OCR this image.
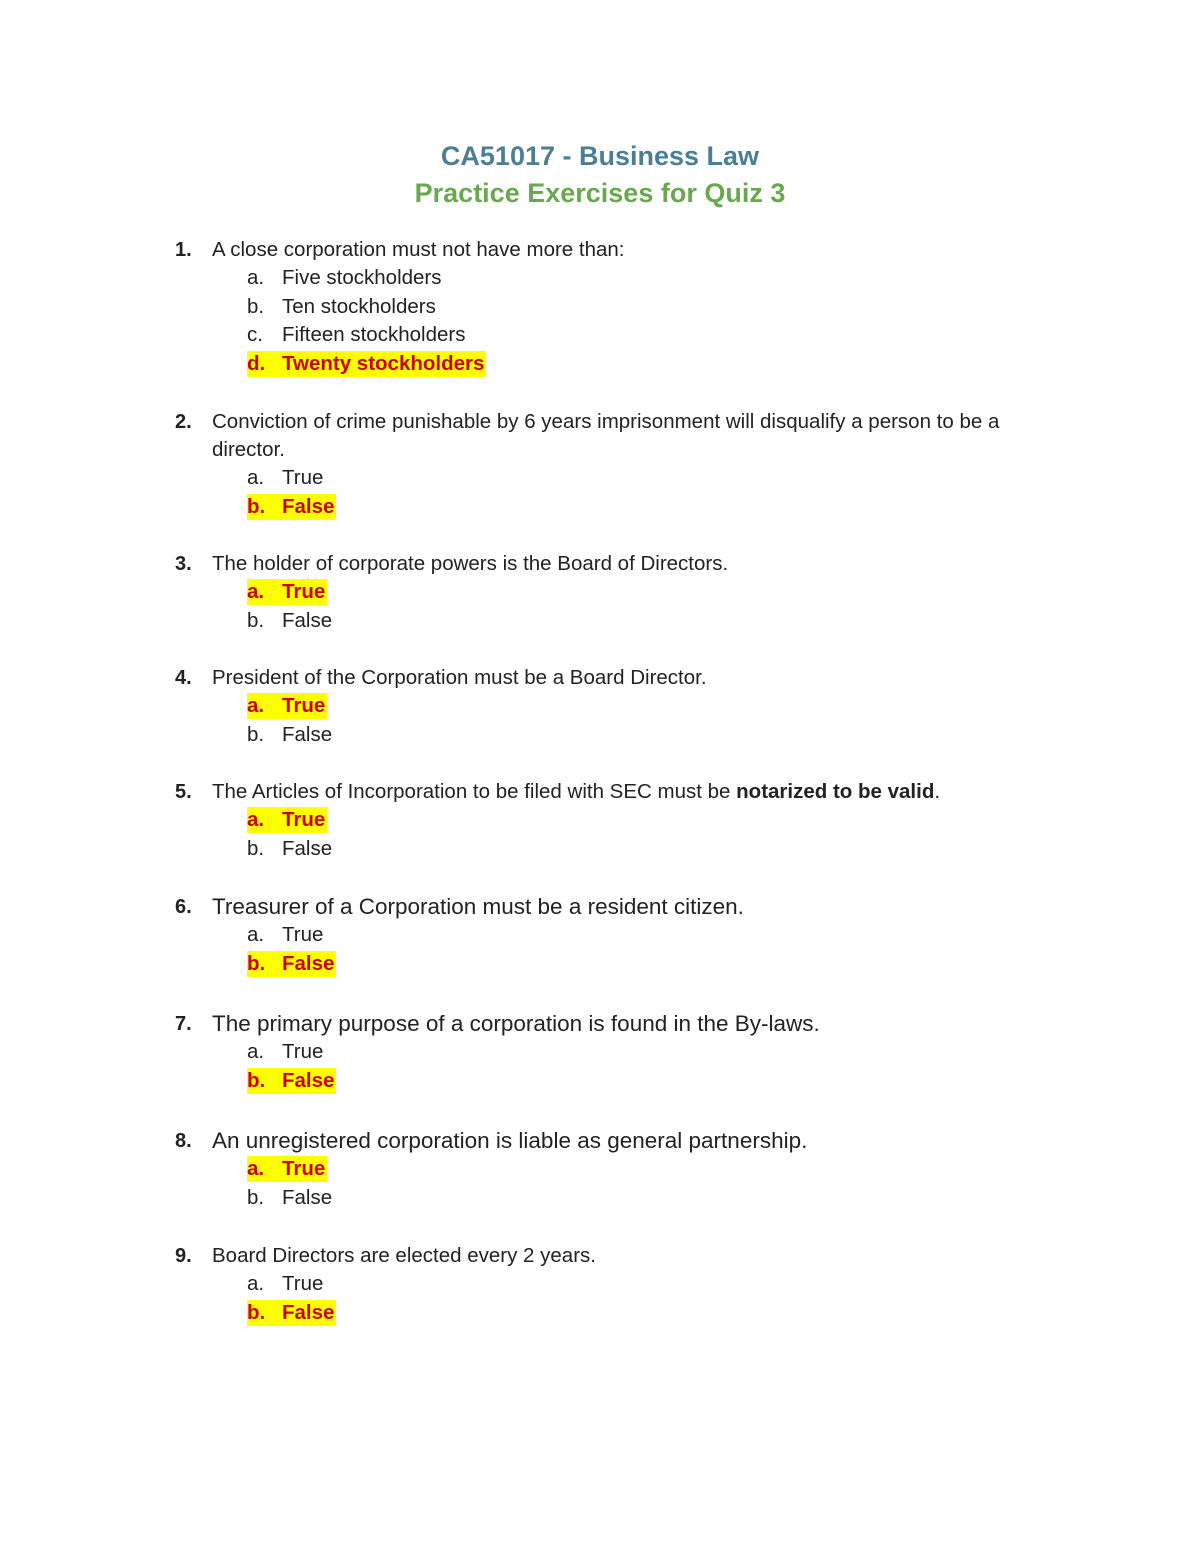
CA51017 - Business Law
Practice Exercises for Quiz 3

1. A close corporation must not have more than:

a. Five stockholders
b. Ten stockholders
c. Fifteen stockholders
d. Twenty stockholders

2. Conviction of crime punishable by 6 years imprisonment will disqualify a person to be a director.

a. True
b. False

3. The holder of corporate powers is the Board of Directors.

a. True
b. False

4. President of the Corporation must be a Board Director.

a. True
b. False

5. The Articles of Incorporation to be filed with SEC must be notarized to be valid.

a. True
b. False

6. Treasurer of a Corporation must be a resident citizen.

a. True
b. False

7. The primary purpose of a corporation is found in the By-laws.

a. True
b. False

8. An unregistered corporation is liable as general partnership.

a. True
b. False

9. Board Directors are elected every 2 years.

a. True
b. False
